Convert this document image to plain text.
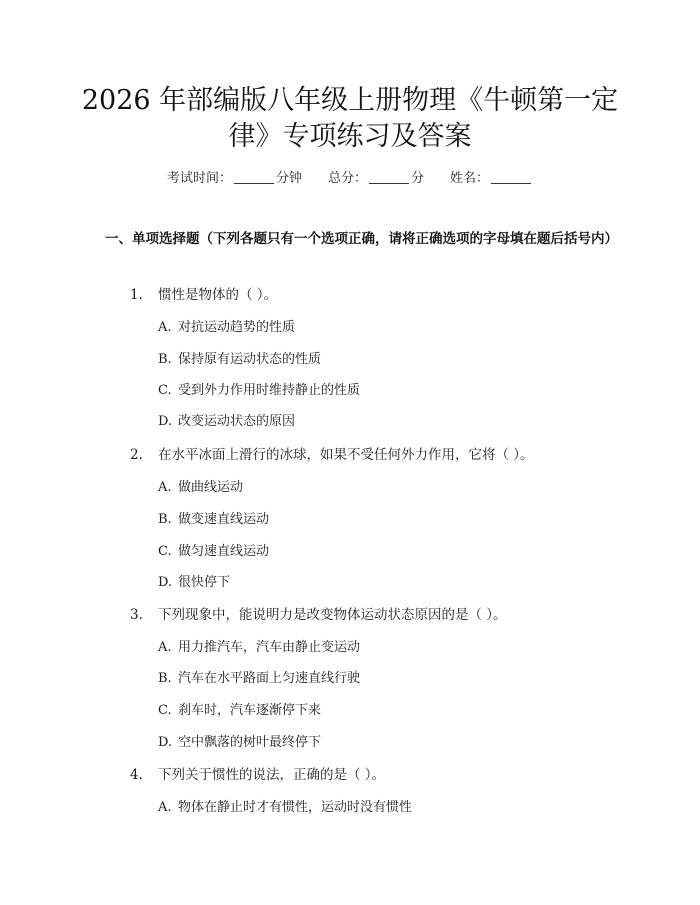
2026 年部编版八年级上册物理《牛顿第一定
律》专项练习及答案
考试时间：	分钟 总分：	分 姓名：
一、单项选择题（下列各题只有一个选项正确，请将正确选项的字母填在题后括号内）
1. 惯性是物体的（ ）。
A. 对抗运动趋势的性质
B. 保持原有运动状态的性质
C. 受到外力作用时维持静止的性质
D. 改变运动状态的原因
2. 在水平冰面上滑行的冰球，如果不受任何外力作用，它将（ ）。
A. 做曲线运动
B. 做变速直线运动
C. 做匀速直线运动
D. 很快停下
3. 下列现象中，能说明力是改变物体运动状态原因的是（ ）。
A. 用力推汽车，汽车由静止变运动
B. 汽车在水平路面上匀速直线行驶
C. 刹车时，汽车逐渐停下来
D. 空中飘落的树叶最终停下
4. 下列关于惯性的说法，正确的是（ ）。
A. 物体在静止时才有惯性，运动时没有惯性
